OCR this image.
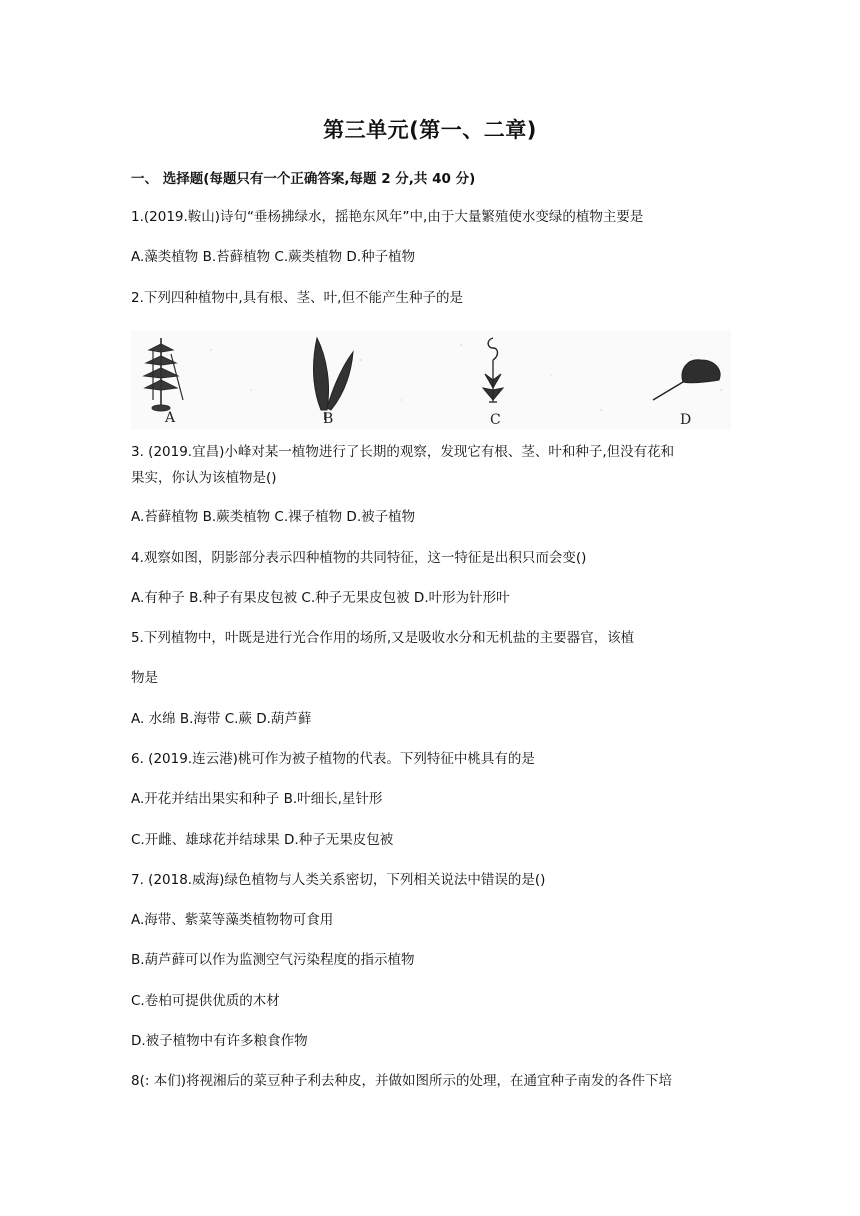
第三单元(第一、二章)
一、 选择题(每题只有一个正确答案,每题 2 分,共 40 分)
1.(2019.鞍山)诗句“垂杨拂绿水，摇艳东风年”中,由于大量繁殖使水变绿的植物主要是
A.藻类植物 B.苔藓植物 C.蕨类植物 D.种子植物
2.下列四种植物中,具有根、茎、叶,但不能产生种子的是
A	B	C	D
3. (2019.宜昌)小峰对某一植物进行了长期的观察，发现它有根、茎、叶和种子,但没有花和
果实，你认为该植物是()
A.苔藓植物 B.蕨类植物 C.裸子植物 D.被子植物
4.观察如图，阴影部分表示四种植物的共同特征，这一特征是出积只而会变()
A.有种子 B.种子有果皮包被 C.种子无果皮包被 D.叶形为针形叶
5.下列植物中，叶既是进行光合作用的场所,又是吸收水分和无机盐的主要器官，该植
物是
A. 水绵 B.海带 C.蕨 D.葫芦藓
6. (2019.连云港)桃可作为被子植物的代表。下列特征中桃具有的是
A.开花并结出果实和种子 B.叶细长,星针形
C.开雌、雄球花并结球果 D.种子无果皮包被
7. (2018.威海)绿色植物与人类关系密切，下列相关说法中错误的是()
A.海带、紫菜等藻类植物物可食用
B.葫芦藓可以作为监测空气污染程度的指示植物
C.卷柏可提供优质的木材
D.被子植物中有许多粮食作物
8(: 本们)将视湘后的菜豆种子利去种皮，并做如图所示的处理，在通宜种子南发的各件下培
